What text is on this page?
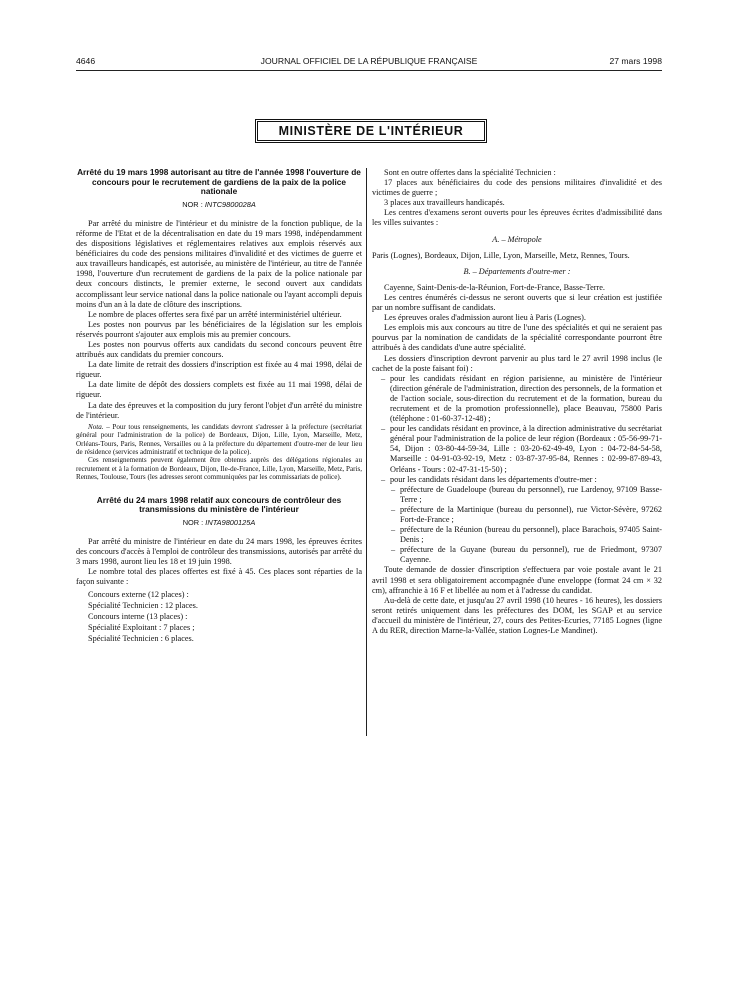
4646	JOURNAL OFFICIEL DE LA RÉPUBLIQUE FRANÇAISE	27 mars 1998
MINISTÈRE DE L'INTÉRIEUR
Arrêté du 19 mars 1998 autorisant au titre de l'année 1998 l'ouverture de concours pour le recrutement de gardiens de la paix de la police nationale
NOR : INTC9800028A

Par arrêté du ministre de l'intérieur et du ministre de la fonction publique, de la réforme de l'Etat et de la décentralisation en date du 19 mars 1998, indépendamment des dispositions législatives et réglementaires relatives aux emplois réservés aux bénéficiaires du code des pensions militaires d'invalidité et des victimes de guerre et aux travailleurs handicapés, est autorisée, au ministère de l'intérieur, au titre de l'année 1998, l'ouverture d'un recrutement de gardiens de la paix de la police nationale par deux concours distincts, le premier externe, le second ouvert aux candidats accomplissant leur service national dans la police nationale ou l'ayant accompli depuis moins d'un an à la date de clôture des inscriptions.

Le nombre de places offertes sera fixé par un arrêté interministériel ultérieur.

Les postes non pourvus par les bénéficiaires de la législation sur les emplois réservés pourront s'ajouter aux emplois mis au premier concours.

Les postes non pourvus offerts aux candidats du second concours peuvent être attribués aux candidats du premier concours.

La date limite de retrait des dossiers d'inscription est fixée au 4 mai 1998, délai de rigueur.

La date limite de dépôt des dossiers complets est fixée au 11 mai 1998, délai de rigueur.

La date des épreuves et la composition du jury feront l'objet d'un arrêté du ministre de l'intérieur.

Nota. – Pour tous renseignements, les candidats devront s'adresser à la préfecture (secrétariat général pour l'administration de la police) de Bordeaux, Dijon, Lille, Lyon, Marseille, Metz, Orléans-Tours, Paris, Rennes, Versailles ou à la préfecture du département d'outre-mer de leur lieu de résidence (services administratif et technique de la police).

Ces renseignements peuvent également être obtenus auprès des délégations régionales au recrutement et à la formation de Bordeaux, Dijon, Ile-de-France, Lille, Lyon, Marseille, Metz, Paris, Rennes, Toulouse, Tours (les adresses seront communiquées par les commissariats de police).

Arrêté du 24 mars 1998 relatif aux concours de contrôleur des transmissions du ministère de l'intérieur
NOR : INTA9800125A

Par arrêté du ministre de l'intérieur en date du 24 mars 1998, les épreuves écrites des concours d'accès à l'emploi de contrôleur des transmissions, autorisés par arrêté du 3 mars 1998, auront lieu les 18 et 19 juin 1998.

Le nombre total des places offertes est fixé à 45. Ces places sont réparties de la façon suivante :

Concours externe (12 places) :

Spécialité Technicien : 12 places.

Concours interne (13 places) :

Spécialité Exploitant : 7 places ;

Spécialité Technicien : 6 places.

Sont en outre offertes dans la spécialité Technicien :

17 places aux bénéficiaires du code des pensions militaires d'invalidité et des victimes de guerre ;

3 places aux travailleurs handicapés.

Les centres d'examens seront ouverts pour les épreuves écrites d'admissibilité dans les villes suivantes :

A. – Métropole

Paris (Lognes), Bordeaux, Dijon, Lille, Lyon, Marseille, Metz, Rennes, Tours.

B. – Départements d'outre-mer :

Cayenne, Saint-Denis-de-la-Réunion, Fort-de-France, Basse-Terre.

Les centres énumérés ci-dessus ne seront ouverts que si leur création est justifiée par un nombre suffisant de candidats.

Les épreuves orales d'admission auront lieu à Paris (Lognes).

Les emplois mis aux concours au titre de l'une des spécialités et qui ne seraient pas pourvus par la nomination de candidats de la spécialité correspondante pourront être attribués à des candidats d'une autre spécialité.

Les dossiers d'inscription devront parvenir au plus tard le 27 avril 1998 inclus (le cachet de la poste faisant foi) :

– pour les candidats résidant en région parisienne, au ministère de l'intérieur (direction générale de l'administration, direction des personnels, de la formation et de l'action sociale, sous-direction du recrutement et de la formation, bureau du recrutement et de la promotion professionnelle), place Beauvau, 75800 Paris (téléphone : 01-60-37-12-48) ;

– pour les candidats résidant en province, à la direction administrative du secrétariat général pour l'administration de la police de leur région (Bordeaux : 05-56-99-71-54, Dijon : 03-80-44-59-34, Lille : 03-20-62-49-49, Lyon : 04-72-84-54-58, Marseille : 04-91-03-92-19, Metz : 03-87-37-95-84, Rennes : 02-99-87-89-43, Orléans - Tours : 02-47-31-15-50) ;

– pour les candidats résidant dans les départements d'outre-mer :

– préfecture de Guadeloupe (bureau du personnel), rue Lardenoy, 97109 Basse-Terre ;

– préfecture de la Martinique (bureau du personnel), rue Victor-Sévère, 97262 Fort-de-France ;

– préfecture de la Réunion (bureau du personnel), place Barachois, 97405 Saint-Denis ;

– préfecture de la Guyane (bureau du personnel), rue de Friedmont, 97307 Cayenne.

Toute demande de dossier d'inscription s'effectuera par voie postale avant le 21 avril 1998 et sera obligatoirement accompagnée d'une enveloppe (format 24 cm × 32 cm), affranchie à 16 F et libellée au nom et à l'adresse du candidat.

Au-delà de cette date, et jusqu'au 27 avril 1998 (10 heures - 16 heures), les dossiers seront retirés uniquement dans les préfectures des DOM, les SGAP et au service d'accueil du ministère de l'intérieur, 27, cours des Petites-Ecuries, 77185 Lognes (ligne A du RER, direction Marne-la-Vallée, station Lognes-Le Mandinet).
